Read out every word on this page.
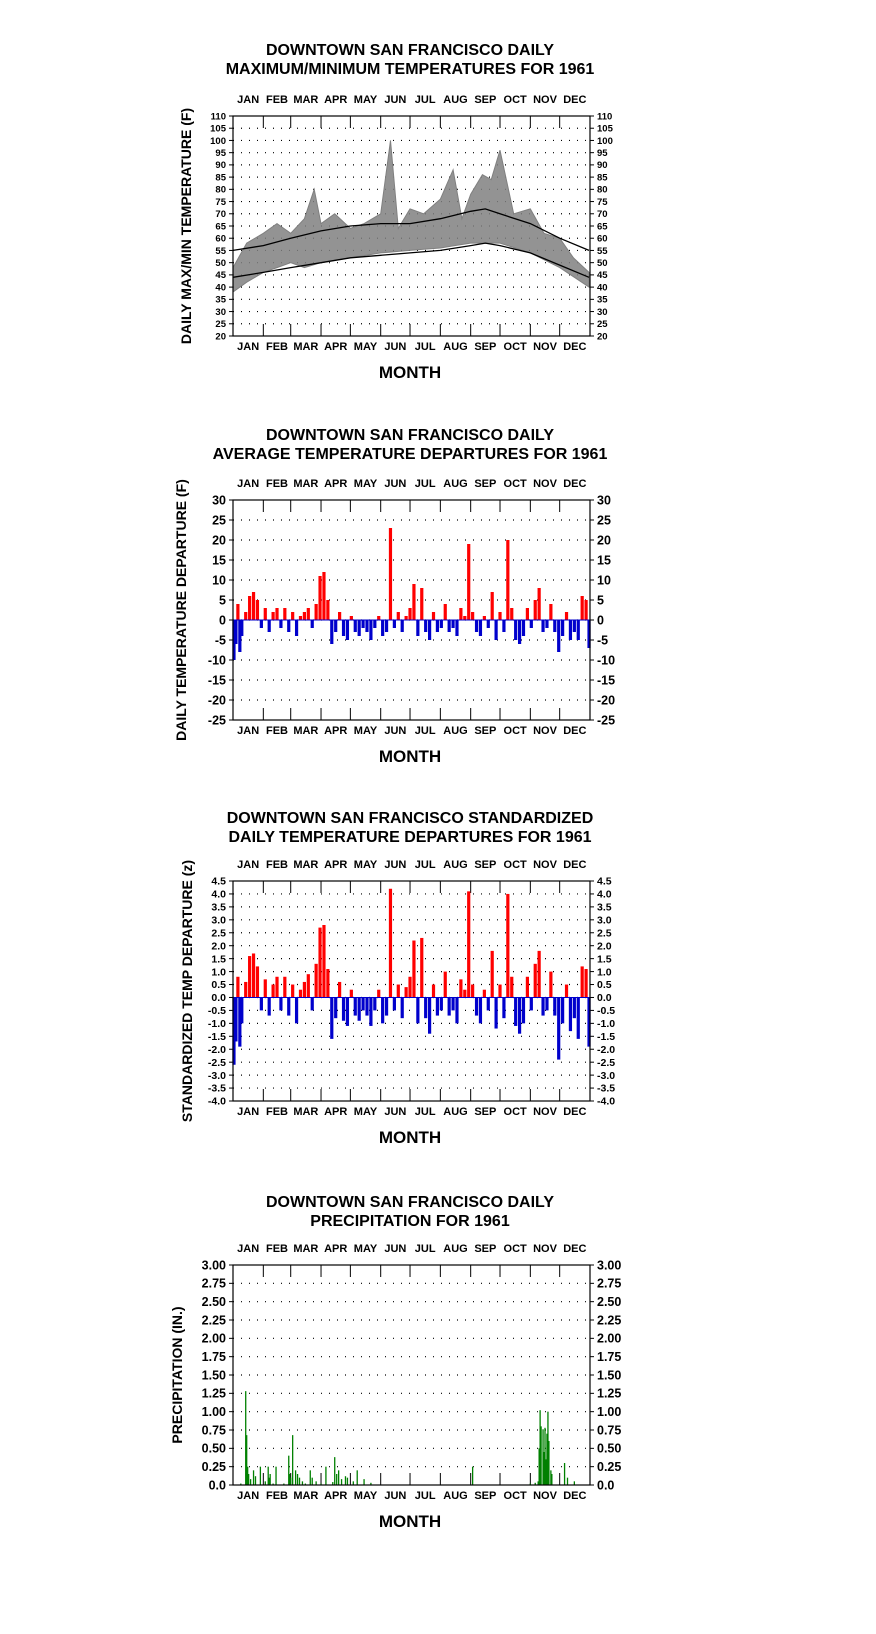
DOWNTOWN SAN FRANCISCO DAILY
MAXIMUM/MINIMUM TEMPERATURES FOR 1961
JAN
JAN
FEB
FEB
MAR
MAR
APR
APR
MAY
MAY
JUN
JUN
JUL
JUL
AUG
AUG
SEP
SEP
OCT
OCT
NOV
NOV
DEC
DEC
20	20
25	25
30	30
35	35
40	40
45	45
50	50
55	55
60	60
65	65
70	70
75	75
80	80
85	85
90	90
95	95
100	100
105	105
110	110
MONTH
DAILY MAX/MIN TEMPERATURE (F)
DOWNTOWN SAN FRANCISCO DAILY
AVERAGE TEMPERATURE DEPARTURES FOR 1961
JAN
JAN
FEB
FEB
MAR
MAR
APR
APR
MAY
MAY
JUN
JUN
JUL
JUL
AUG
AUG
SEP
SEP
OCT
OCT
NOV
NOV
DEC
DEC
-25	-25
-20	-20
-15	-15
-10	-10
-5	-5
0	0
5	5
10	10
15	15
20	20
25	25
30	30
MONTH
DAILY TEMPERATURE DEPARTURE (F)
DOWNTOWN SAN FRANCISCO STANDARDIZED
DAILY TEMPERATURE DEPARTURES FOR 1961
JAN
JAN
FEB
FEB
MAR
MAR
APR
APR
MAY
MAY
JUN
JUN
JUL
JUL
AUG
AUG
SEP
SEP
OCT
OCT
NOV
NOV
DEC
DEC
-4.0	-4.0
-3.5	-3.5
-3.0	-3.0
-2.5	-2.5
-2.0	-2.0
-1.5	-1.5
-1.0	-1.0
-0.5	-0.5
0.0	0.0
0.5	0.5
1.0	1.0
1.5	1.5
2.0	2.0
2.5	2.5
3.0	3.0
3.5	3.5
4.0	4.0
4.5	4.5
MONTH
STANDARDIZED TEMP DEPARTURE (z)
DOWNTOWN SAN FRANCISCO DAILY
PRECIPITATION FOR 1961
JAN
JAN
FEB
FEB
MAR
MAR
APR
APR
MAY
MAY
JUN
JUN
JUL
JUL
AUG
AUG
SEP
SEP
OCT
OCT
NOV
NOV
DEC
DEC
0.0	0.0
0.25	0.25
0.50	0.50
0.75	0.75
1.00	1.00
1.25	1.25
1.50	1.50
1.75	1.75
2.00	2.00
2.25	2.25
2.50	2.50
2.75	2.75
3.00	3.00
MONTH
PRECIPITATION (IN.)
